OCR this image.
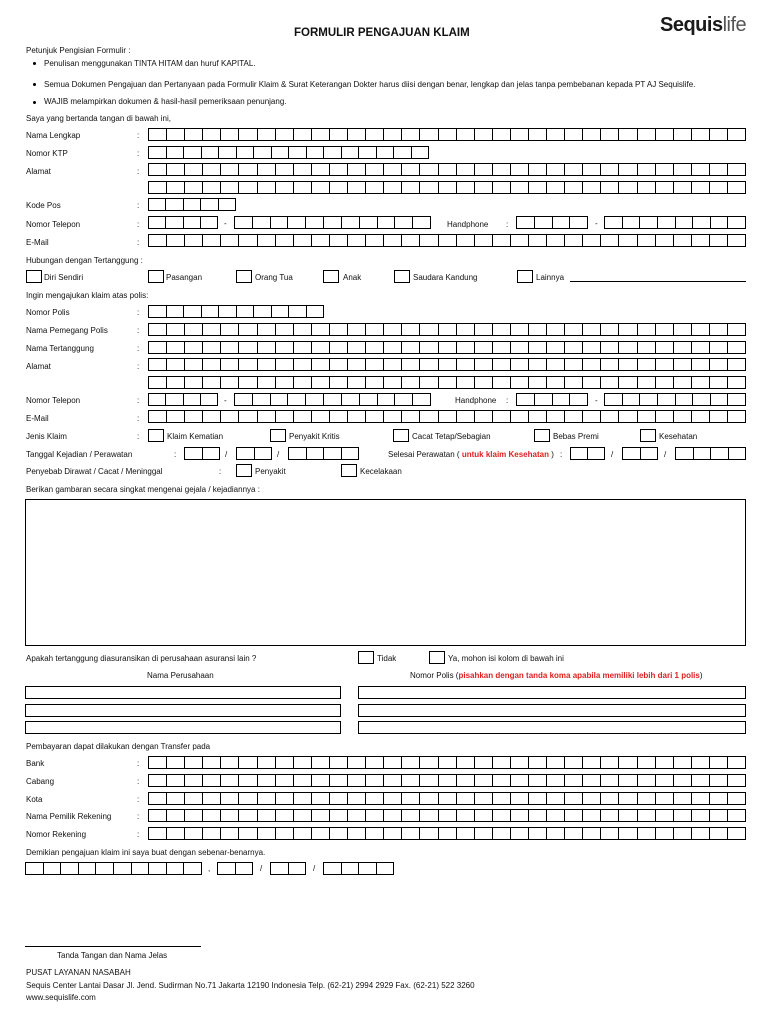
FORMULIR PENGAJUAN KLAIM	Sequislife
Petunjuk Pengisian Formulir :
Penulisan menggunakan TINTA HITAM dan huruf KAPITAL.
Semua Dokumen Pengajuan dan Pertanyaan pada Formulir Klaim & Surat Keterangan Dokter harus diisi dengan benar, lengkap dan jelas tanpa pembebanan kepada PT AJ Sequislife.
WAJIB melampirkan dokumen & hasil-hasil pemeriksaan penunjang.
Saya yang bertanda tangan di bawah ini,
Nama Lengkap	:
Nomor KTP	:
Alamat	:
Kode Pos	:
Nomor Telepon	:	-	Handphone :	-
E-Mail	:
Hubungan dengan Tertanggung :
Diri Sendiri	Pasangan	Orang Tua	Anak	Saudara Kandung	Lainnya
Ingin mengajukan klaim atas polis:
Nomor Polis	:
Nama Pemegang Polis	:
Nama Tertanggung	:
Alamat	:
Nomor Telepon	:	-	Handphone :	-
E-Mail	:
Jenis Klaim	:	Klaim Kematian	Penyakit Kritis	Cacat Tetap/Sebagian	Bebas Premi	Kesehatan
Tanggal Kejadian / Perawatan	:	/	/	Selesai Perawatan ( untuk klaim Kesehatan ) :	/	/
Penyebab Dirawat / Cacat / Meninggal	:	Penyakit	Kecelakaan
Berikan gambaran secara singkat mengenai gejala / kejadiannya :
Apakah tertanggung diasuransikan di perusahaan asuransi lain ?	Tidak	Ya, mohon isi kolom di bawah ini
Nama Perusahaan	Nomor Polis (pisahkan dengan tanda koma apabila memiliki lebih dari 1 polis)
Pembayaran dapat dilakukan dengan Transfer pada
Bank	:
Cabang	:
Kota	:
Nama Pemilik Rekening	:
Nomor Rekening	:
Demikian pengajuan klaim ini saya buat dengan sebenar-benarnya.
,	/	/
Tanda Tangan dan Nama Jelas
PUSAT LAYANAN NASABAH
Sequis Center Lantai Dasar Jl. Jend. Sudirman No.71 Jakarta 12190 Indonesia Telp. (62-21) 2994 2929 Fax. (62-21) 522 3260
www.sequislife.com
